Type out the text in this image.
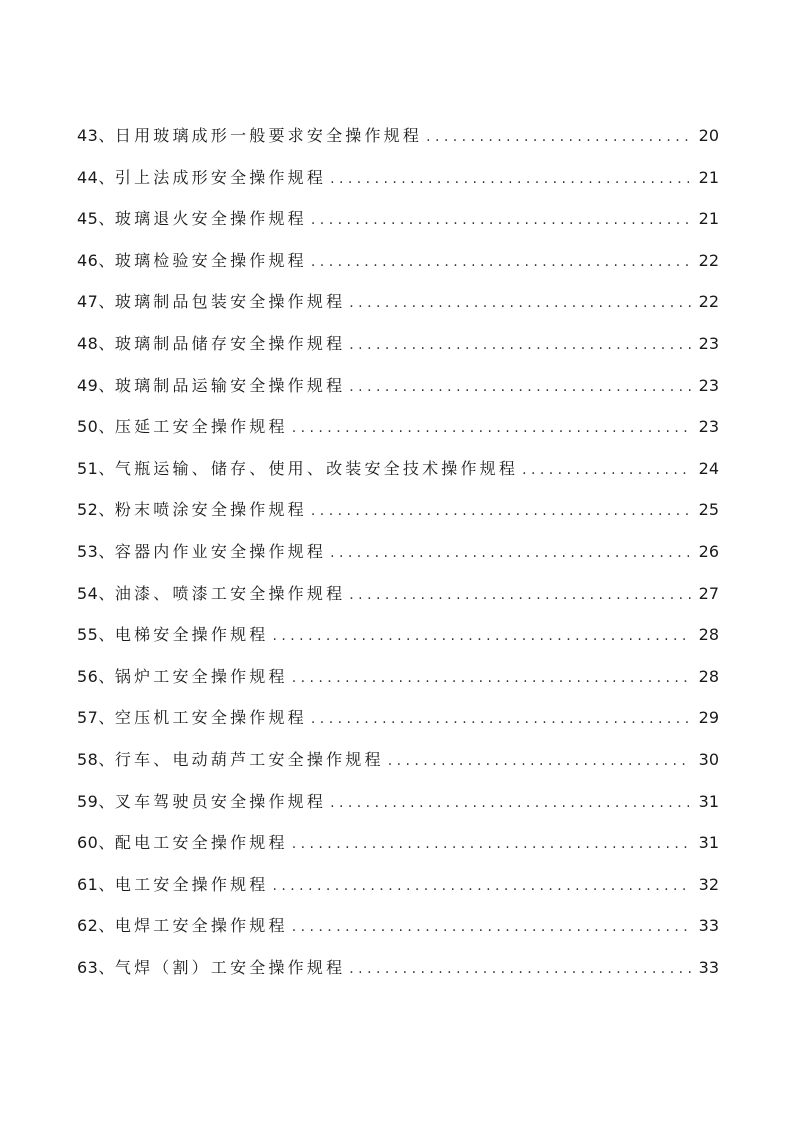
43、 日用玻璃成形一般要求安全操作规程 . . .	20
44、 引上法成形安全操作规程 . . .	21
45、 玻璃退火安全操作规程 . . .	21
46、 玻璃检验安全操作规程 . . .	22
47、 玻璃制品包装安全操作规程 . . .	22
48、 玻璃制品储存安全操作规程 . . .	23
49、 玻璃制品运输安全操作规程 . . .	23
50、 压延工安全操作规程 . . .	23
51、 气瓶运输、储存、使用、改装安全技术操作规程 . . .	24
52、 粉末喷涂安全操作规程 . . .	25
53、 容器内作业安全操作规程 . . .	26
54、 油漆、喷漆工安全操作规程 . . .	27
55、 电梯安全操作规程 . . .	28
56、 锅炉工安全操作规程 . . .	28
57、 空压机工安全操作规程 . . .	29
58、 行车、电动葫芦工安全操作规程 . . .	30
59、 叉车驾驶员安全操作规程 . . .	31
60、 配电工安全操作规程 . . .	31
61、 电工安全操作规程 . . .	32
62、 电焊工安全操作规程 . . .	33
63、 气焊（割）工安全操作规程 . . .	33
